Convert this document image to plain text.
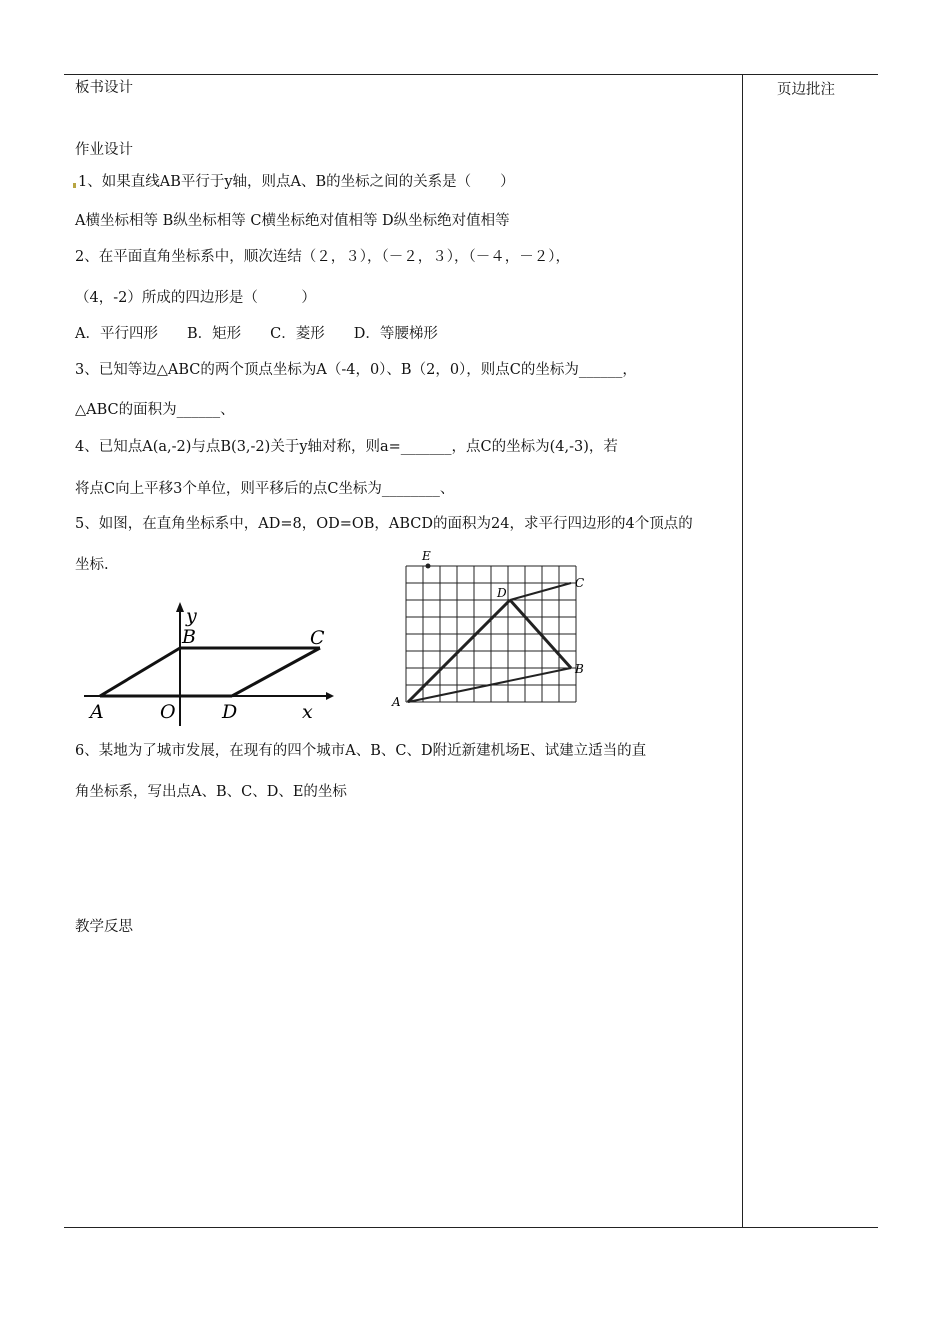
页边批注
板书设计
作业设计
1、如果直线AB平行于y轴，则点A、B的坐标之间的关系是（　　）
A横坐标相等 B纵坐标相等 C横坐标绝对值相等 D纵坐标绝对值相等
2、在平面直角坐标系中，顺次连结（２，３），（－２，３），（－４，－２），
（4，-2）所成的四边形是（　　　）
A．平行四形　　B．矩形　　C．菱形　　D．等腰梯形
3、已知等边△ABC的两个顶点坐标为A（-4，0）、B（2，0），则点C的坐标为______，
△ABC的面积为______、
4、已知点A(a,-2)与点B(3,-2)关于y轴对称，则a=_______，点C的坐标为(4,-3)，若
将点C向上平移3个单位，则平移后的点C坐标为________、
5、如图，在直角坐标系中，AD=8，OD=OB，ABCD的面积为24，求平行四边形的4个顶点的
坐标.
y
B	C
A	O D	x
E
D
C
B
A
6、某地为了城市发展，在现有的四个城市A、B、C、D附近新建机场E、试建立适当的直
角坐标系，写出点A、B、C、D、E的坐标
教学反思
